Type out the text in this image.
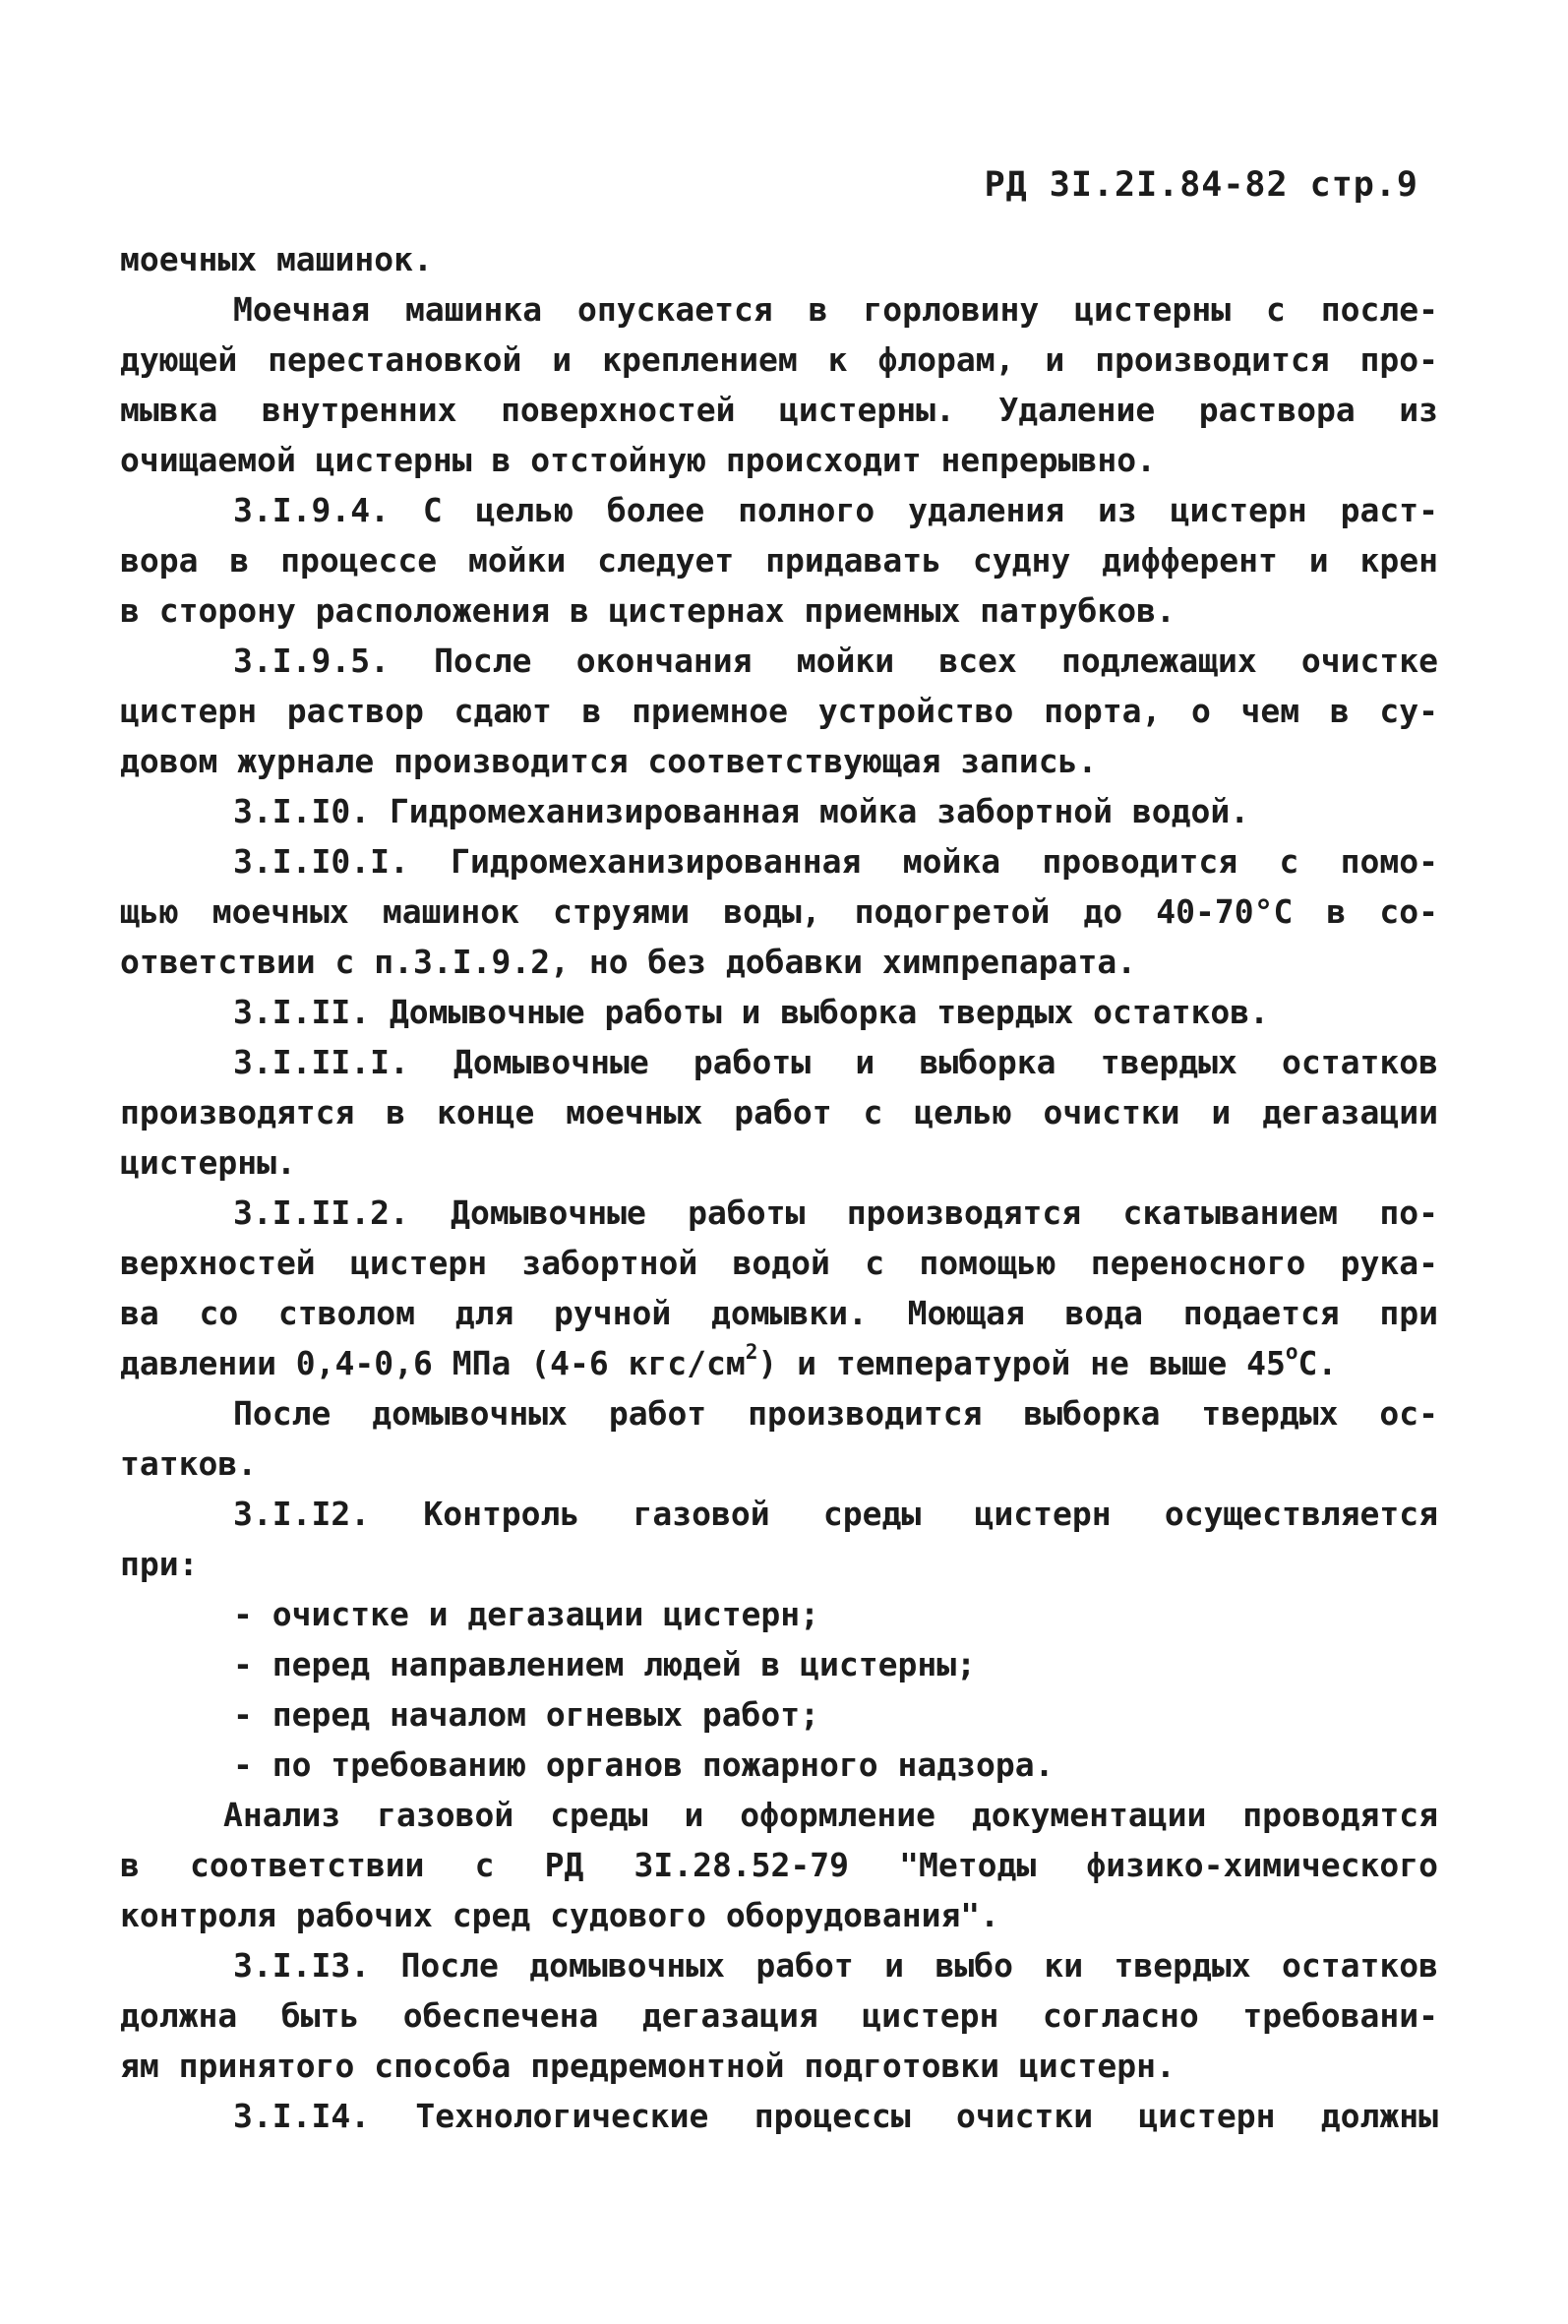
РД 3I.2I.84-82 стр.9
моечных машинок.
Моечная машинка опускается в горловину цистерны с после-
дующей перестановкой и креплением к флорам, и производится про-
мывка внутренних поверхностей цистерны. Удаление раствора из
очищаемой цистерны в отстойную происходит непрерывно.
3.I.9.4. С целью более полного удаления из цистерн раст-
вора в процессе мойки следует придавать судну дифферент и крен
в сторону расположения в цистернах приемных патрубков.
3.I.9.5. После окончания мойки всех подлежащих очистке
цистерн раствор сдают в приемное устройство порта, о чем в су-
довом журнале производится соответствующая запись.
3.I.I0. Гидромеханизированная мойка забортной водой.
3.I.I0.I. Гидромеханизированная мойка проводится с помо-
щью моечных машинок струями воды, подогретой до 40-70°С в со-
ответствии с п.3.I.9.2, но без добавки химпрепарата.
3.I.II. Домывочные работы и выборка твердых остатков.
3.I.II.I. Домывочные работы и выборка твердых остатков
производятся в конце моечных работ с целью очистки и дегазации
цистерны.
3.I.II.2. Домывочные работы производятся скатыванием по-
верхностей цистерн забортной водой с помощью переносного рука-
ва со стволом для ручной домывки. Моющая вода подается при
давлении 0,4-0,6 МПа (4-6 кгс/$см^2$) и температурой не выше $45^оС$.
После домывочных работ производится выборка твердых ос-
татков.
3.I.I2. Контроль газовой среды цистерн осуществляется
при:
- очистке и дегазации цистерн;
- перед направлением людей в цистерны;
- перед началом огневых работ;
- по требованию органов пожарного надзора.
Анализ газовой среды и оформление документации проводятся
в соответствии с РД 3I.28.52-79 "Методы физико-химического
контроля рабочих сред судового оборудования".
3.I.I3. После домывочных работ и выбо ки твердых остатков
должна быть обеспечена дегазация цистерн согласно требовани-
ям принятого способа предремонтной подготовки цистерн.
3.I.I4. Технологические процессы очистки цистерн должны
